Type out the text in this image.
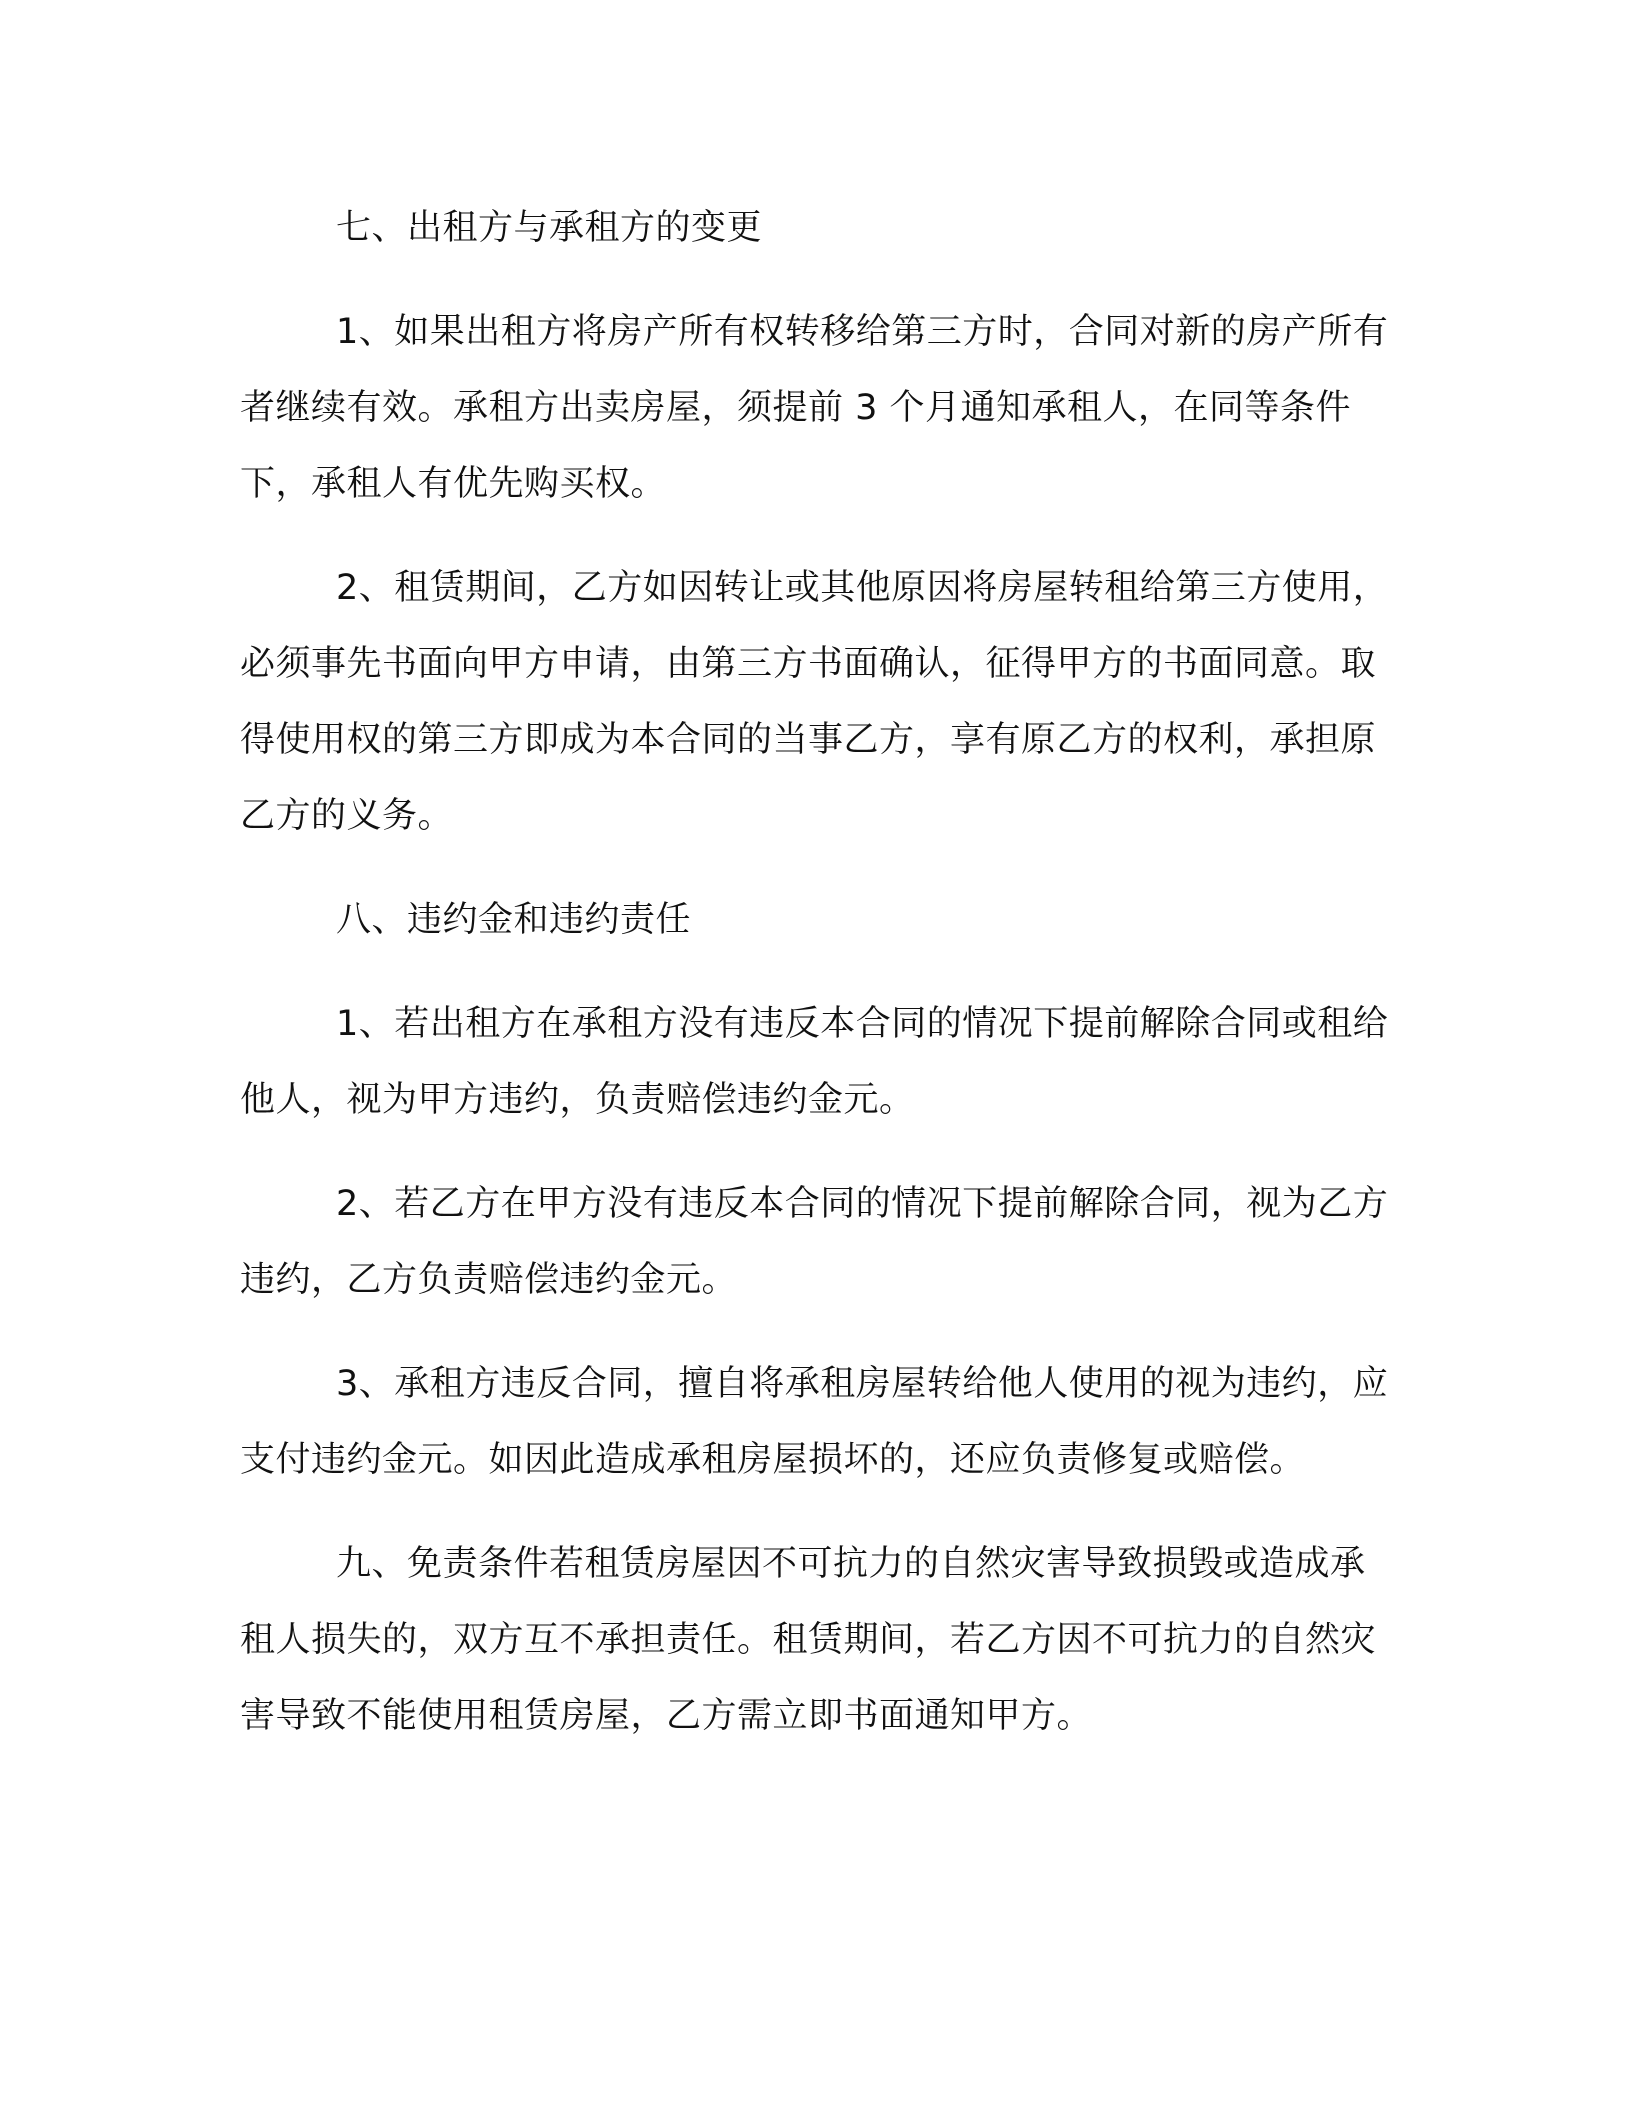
七、出租方与承租方的变更

1、如果出租方将房产所有权转移给第三方时，合同对新的房产所有者继续有效。承租方出卖房屋，须提前 3 个月通知承租人，在同等条件下，承租人有优先购买权。

2、租赁期间，乙方如因转让或其他原因将房屋转租给第三方使用，必须事先书面向甲方申请，由第三方书面确认，征得甲方的书面同意。取得使用权的第三方即成为本合同的当事乙方，享有原乙方的权利，承担原乙方的义务。

八、违约金和违约责任

1、若出租方在承租方没有违反本合同的情况下提前解除合同或租给他人，视为甲方违约，负责赔偿违约金元。

2、若乙方在甲方没有违反本合同的情况下提前解除合同，视为乙方违约，乙方负责赔偿违约金元。

3、承租方违反合同，擅自将承租房屋转给他人使用的视为违约，应支付违约金元。如因此造成承租房屋损坏的，还应负责修复或赔偿。

九、免责条件若租赁房屋因不可抗力的自然灾害导致损毁或造成承租人损失的，双方互不承担责任。租赁期间，若乙方因不可抗力的自然灾害导致不能使用租赁房屋，乙方需立即书面通知甲方。
